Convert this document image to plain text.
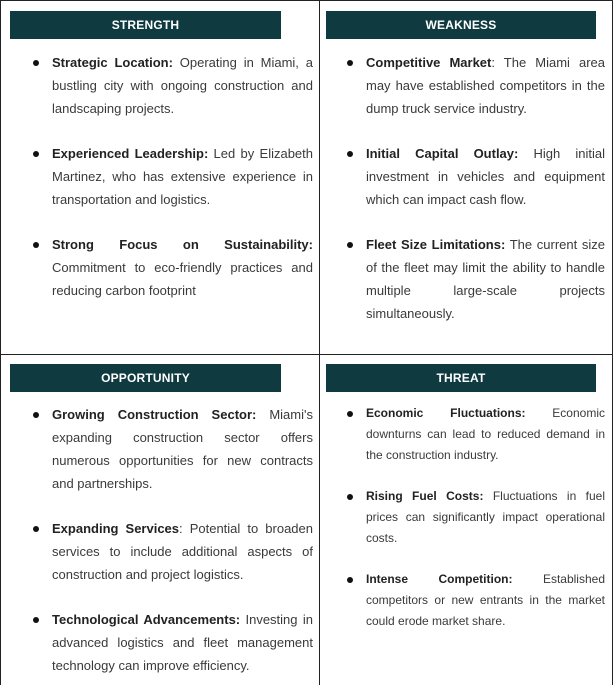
STRENGTH
Strategic Location: Operating in Miami, a bustling city with ongoing construction and landscaping projects.
Experienced Leadership: Led by Elizabeth Martinez, who has extensive experience in transportation and logistics.
Strong Focus on Sustainability: Commitment to eco-friendly practices and reducing carbon footprint
WEAKNESS
Competitive Market: The Miami area may have established competitors in the dump truck service industry.
Initial Capital Outlay: High initial investment in vehicles and equipment which can impact cash flow.
Fleet Size Limitations: The current size of the fleet may limit the ability to handle multiple large-scale projects simultaneously.
OPPORTUNITY
Growing Construction Sector: Miami's expanding construction sector offers numerous opportunities for new contracts and partnerships.
Expanding Services: Potential to broaden services to include additional aspects of construction and project logistics.
Technological Advancements: Investing in advanced logistics and fleet management technology can improve efficiency.
THREAT
Economic Fluctuations: Economic downturns can lead to reduced demand in the construction industry.
Rising Fuel Costs: Fluctuations in fuel prices can significantly impact operational costs.
Intense Competition: Established competitors or new entrants in the market could erode market share.
